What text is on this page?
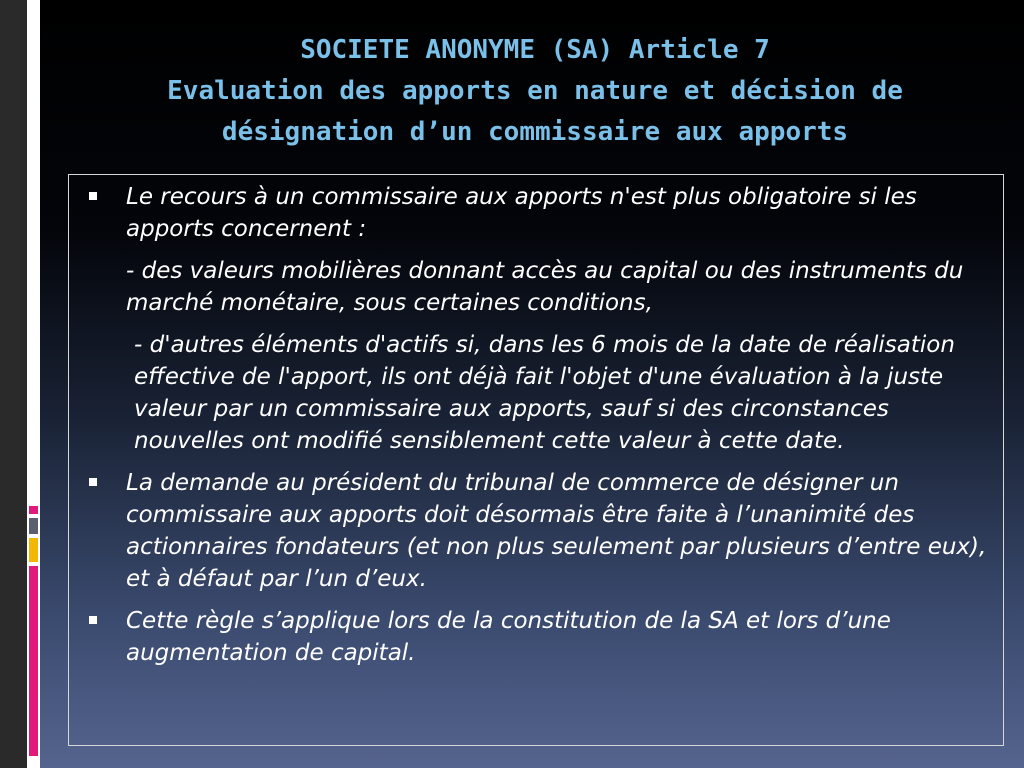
SOCIETE ANONYME (SA) Article 7
Evaluation des apports en nature et décision de
désignation d’un commissaire aux apports

Le recours à un commissaire aux apports n'est plus obligatoire si les apports concernent :

- des valeurs mobilières donnant accès au capital ou des instruments du marché monétaire, sous certaines conditions,

- d'autres éléments d'actifs si, dans les 6 mois de la date de réalisation effective de l'apport, ils ont déjà fait l'objet d'une évaluation à la juste valeur par un commissaire aux apports, sauf si des circonstances nouvelles ont modifié sensiblement cette valeur à cette date.

La demande au président du tribunal de commerce de désigner un commissaire aux apports doit désormais être faite à l’unanimité des actionnaires fondateurs (et non plus seulement par plusieurs d’entre eux), et à défaut par l’un d’eux.

Cette règle s’applique lors de la constitution de la SA et lors d’une augmentation de capital.
